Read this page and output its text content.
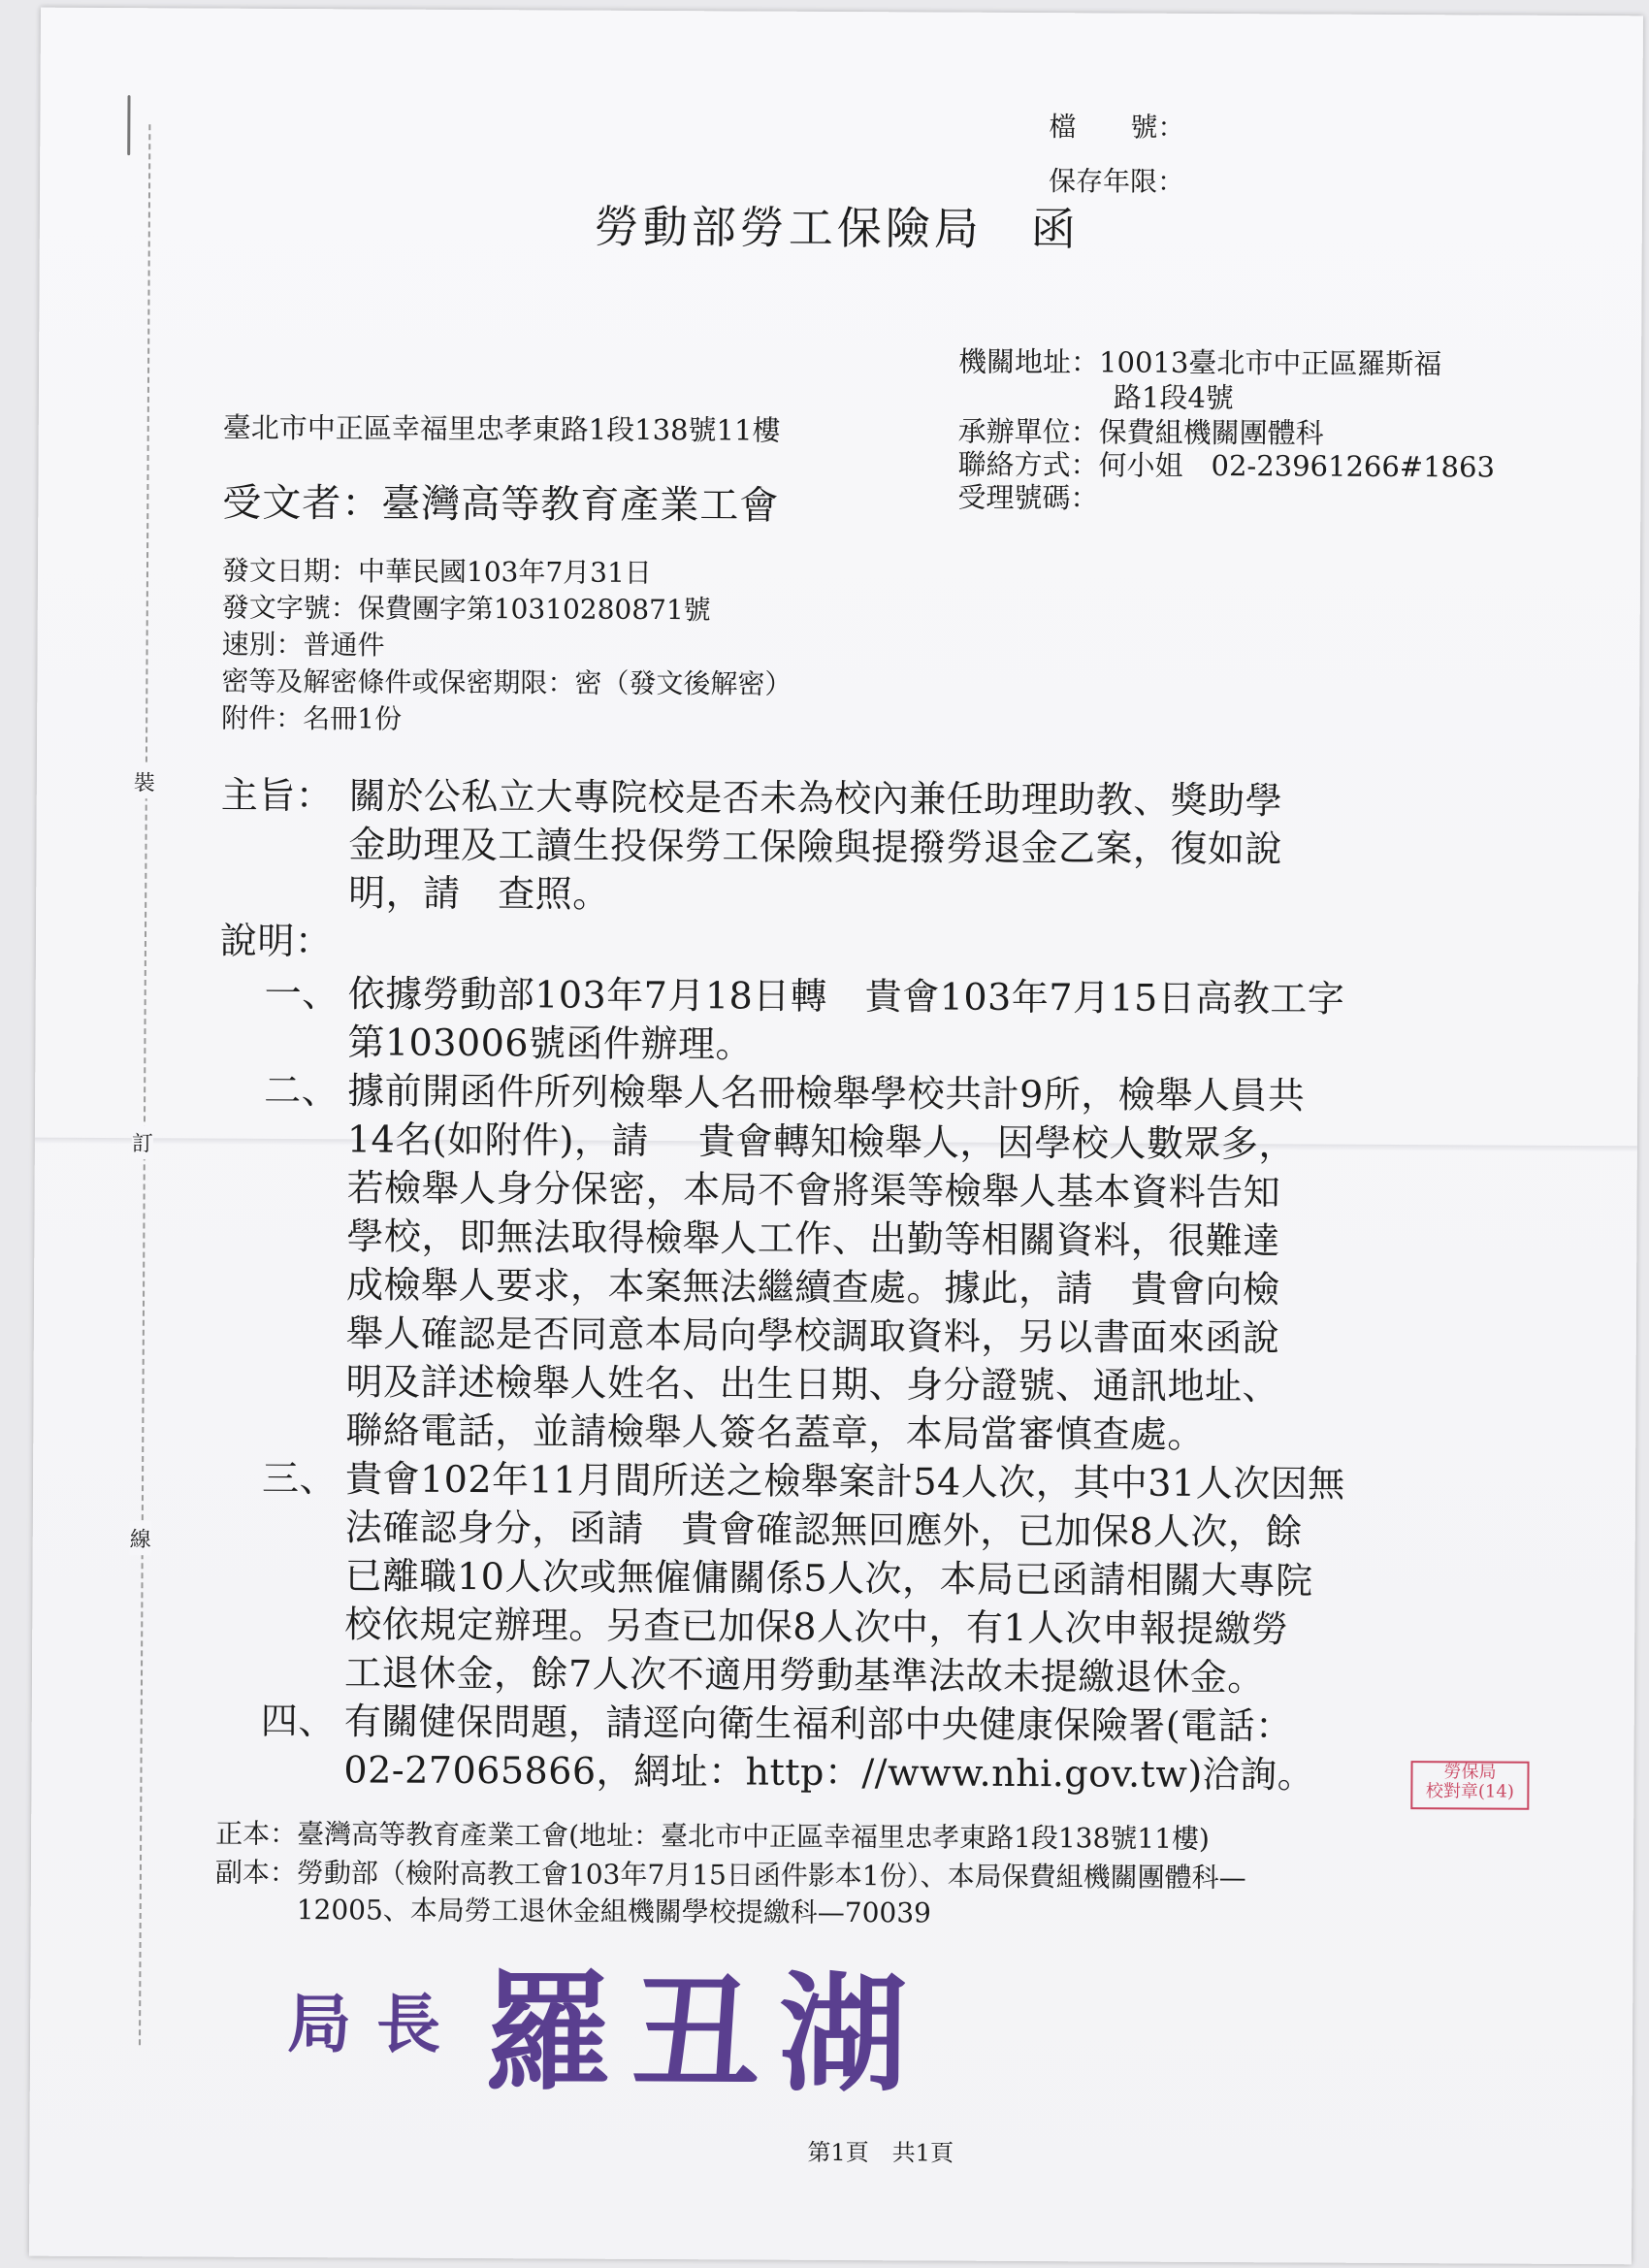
裝
訂
線
檔　　號：
保存年限：
勞動部勞工保險局　函
機關地址：10013臺北市中正區羅斯福
路1段4號
承辦單位：保費組機關團體科
聯絡方式：何小姐　02-23961266#1863
受理號碼：
臺北市中正區幸福里忠孝東路1段138號11樓
受文者：臺灣高等教育產業工會
發文日期：中華民國103年7月31日
發文字號：保費團字第10310280871號
速別：普通件
密等及解密條件或保密期限：密（發文後解密）
附件：名冊1份
主旨： 關於公私立大專院校是否未為校內兼任助理助教、獎助學
金助理及工讀生投保勞工保險與提撥勞退金乙案，復如說
明，請　查照。
說明：
一、 依據勞動部103年7月18日轉　貴會103年7月15日高教工字
第103006號函件辦理。
二、 據前開函件所列檢舉人名冊檢舉學校共計9所，檢舉人員共
14名(如附件)，請　 貴會轉知檢舉人，因學校人數眾多，
若檢舉人身分保密，本局不會將渠等檢舉人基本資料告知
學校，即無法取得檢舉人工作、出勤等相關資料，很難達
成檢舉人要求，本案無法繼續查處。據此，請　貴會向檢
舉人確認是否同意本局向學校調取資料，另以書面來函說
明及詳述檢舉人姓名、出生日期、身分證號、通訊地址、
聯絡電話，並請檢舉人簽名蓋章，本局當審慎查處。
三、 貴會102年11月間所送之檢舉案計54人次，其中31人次因無
法確認身分，函請　貴會確認無回應外，已加保8人次，餘
已離職10人次或無僱傭關係5人次，本局已函請相關大專院
校依規定辦理。另查已加保8人次中，有1人次申報提繳勞
工退休金，餘7人次不適用勞動基準法故未提繳退休金。
四、 有關健保問題，請逕向衛生福利部中央健康保險署(電話：
02-27065866，網址：http：//www.nhi.gov.tw)洽詢。	勞保局
校對章(14)
正本：臺灣高等教育產業工會(地址：臺北市中正區幸福里忠孝東路1段138號11樓)
副本：勞動部（檢附高教工會103年7月15日函件影本1份）、本局保費組機關團體科—
12005、本局勞工退休金組機關學校提繳科—70039
局長 羅丑湖
第1頁　共1頁
